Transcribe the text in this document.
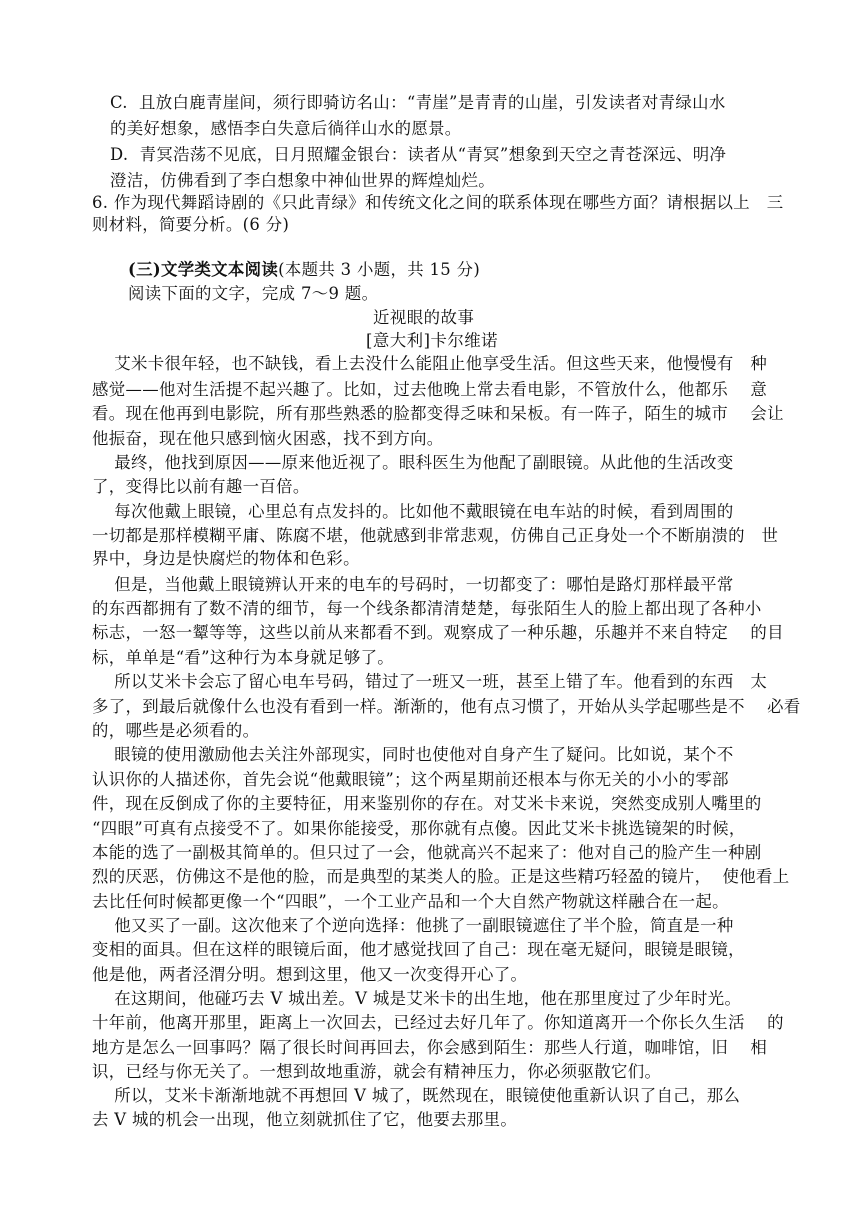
C.  且放白鹿青崖间，须行即骑访名山：“青崖”是青青的山崖，引发读者对青绿山水
的美好想象，感悟李白失意后徜徉山水的愿景。
D.  青冥浩荡不见底，日月照耀金银台：读者从“青冥”想象到天空之青苍深远、明净
澄洁，仿佛看到了李白想象中神仙世界的辉煌灿烂。
6. 作为现代舞蹈诗剧的《只此青绿》和传统文化之间的联系体现在哪些方面？请根据以上   三
则材料，简要分析。(6 分)
(三)文学类文本阅读(本题共 3 小题，共 15 分)
阅读下面的文字，完成 7～9 题。
近视眼的故事
[意大利]卡尔维诺
艾米卡很年轻，也不缺钱，看上去没什么能阻止他享受生活。但这些天来，他慢慢有   种
感觉——他对生活提不起兴趣了。比如，过去他晚上常去看电影，不管放什么，他都乐    意
看。现在他再到电影院，所有那些熟悉的脸都变得乏味和呆板。有一阵子，陌生的城市    会让
他振奋，现在他只感到恼火困惑，找不到方向。
最终，他找到原因——原来他近视了。眼科医生为他配了副眼镜。从此他的生活改变
了，变得比以前有趣一百倍。
每次他戴上眼镜，心里总有点发抖的。比如他不戴眼镜在电车站的时候，看到周围的
一切都是那样模糊平庸、陈腐不堪，他就感到非常悲观，仿佛自己正身处一个不断崩溃的   世
界中，身边是快腐烂的物体和色彩。
但是，当他戴上眼镜辨认开来的电车的号码时，一切都变了：哪怕是路灯那样最平常
的东西都拥有了数不清的细节，每一个线条都清清楚楚，每张陌生人的脸上都出现了各种小
标志，一怒一颦等等，这些以前从来都看不到。观察成了一种乐趣，乐趣并不来自特定    的目
标，单单是“看”这种行为本身就足够了。
所以艾米卡会忘了留心电车号码，错过了一班又一班，甚至上错了车。他看到的东西   太
多了，到最后就像什么也没有看到一样。渐渐的，他有点习惯了，开始从头学起哪些是不    必看
的，哪些是必须看的。
眼镜的使用激励他去关注外部现实，同时也使他对自身产生了疑问。比如说，某个不
认识你的人描述你，首先会说“他戴眼镜”；这个两星期前还根本与你无关的小小的零部
件，现在反倒成了你的主要特征，用来鉴别你的存在。对艾米卡来说，突然变成别人嘴里的
“四眼”可真有点接受不了。如果你能接受，那你就有点傻。因此艾米卡挑选镜架的时候，
本能的选了一副极其简单的。但只过了一会，他就高兴不起来了：他对自己的脸产生一种剧
烈的厌恶，仿佛这不是他的脸，而是典型的某类人的脸。正是这些精巧轻盈的镜片，  使他看上
去比任何时候都更像一个“四眼”，一个工业产品和一个大自然产物就这样融合在一起。
他又买了一副。这次他来了个逆向选择：他挑了一副眼镜遮住了半个脸，简直是一种
变相的面具。但在这样的眼镜后面，他才感觉找回了自己：现在毫无疑问，眼镜是眼镜，
他是他，两者泾渭分明。想到这里，他又一次变得开心了。
在这期间，他碰巧去 V 城出差。V 城是艾米卡的出生地，他在那里度过了少年时光。
十年前，他离开那里，距离上一次回去，已经过去好几年了。你知道离开一个你长久生活    的
地方是怎么一回事吗？隔了很长时间再回去，你会感到陌生：那些人行道，咖啡馆，旧    相
识，已经与你无关了。一想到故地重游，就会有精神压力，你必须驱散它们。
所以，艾米卡渐渐地就不再想回 V 城了，既然现在，眼镜使他重新认识了自己，那么
去 V 城的机会一出现，他立刻就抓住了它，他要去那里。
